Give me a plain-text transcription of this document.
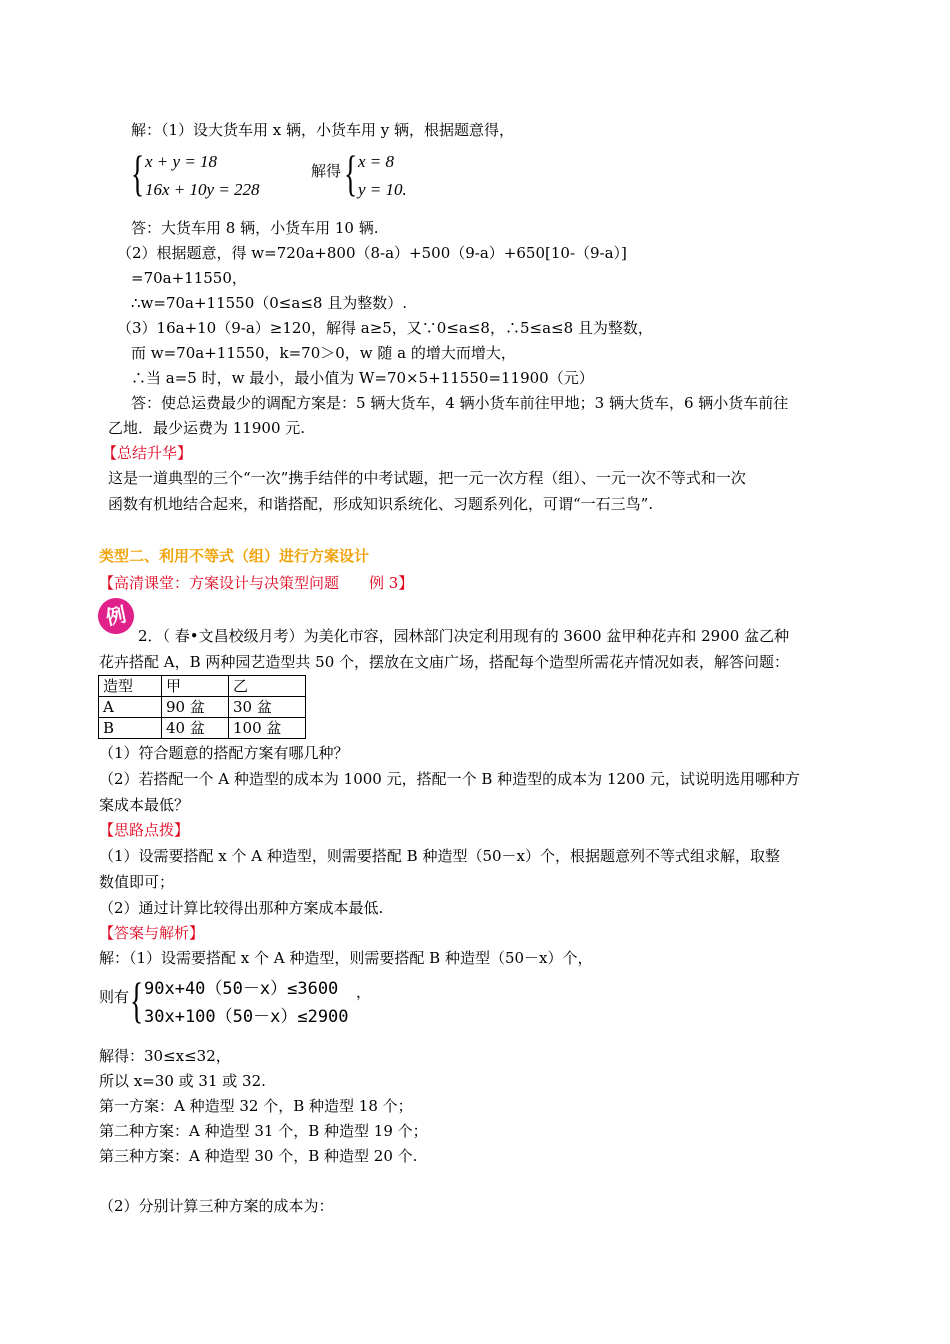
解：（1）设大货车用 x 辆，小货车用 y 辆，根据题意得，
{ x + y = 18
16x + 10y = 228
解得 { x = 8
y = 10.
答：大货车用 8 辆，小货车用 10 辆.
（2）根据题意，得 w=720a+800（8-a）+500（9-a）+650[10-（9-a）]
=70a+11550，
∴w=70a+11550（0≤a≤8 且为整数）.
（3）16a+10（9-a）≥120，解得 a≥5，又∵0≤a≤8，∴5≤a≤8 且为整数，
而 w=70a+11550，k=70＞0，w 随 a 的增大而增大，
∴当 a=5 时，w 最小，最小值为 W=70×5+11550=11900（元）
答：使总运费最少的调配方案是：5 辆大货车，4 辆小货车前往甲地；3 辆大货车，6 辆小货车前往
乙地．最少运费为 11900 元.
【总结升华】
这是一道典型的三个“一次”携手结伴的中考试题，把一元一次方程（组）、一元一次不等式和一次
函数有机地结合起来，和谐搭配，形成知识系统化、习题系列化，可谓“一石三鸟”.
类型二、利用不等式（组）进行方案设计
【高清课堂：方案设计与决策型问题　　例 3】
例
2．（ 春•文昌校级月考）为美化市容，园林部门决定利用现有的 3600 盆甲种花卉和 2900 盆乙种
花卉搭配 A，B 两种园艺造型共 50 个，摆放在文庙广场，搭配每个造型所需花卉情况如表，解答问题：
造型	甲	乙
A	90 盆	30 盆
B	40 盆	100 盆
（1）符合题意的搭配方案有哪几种？
（2）若搭配一个 A 种造型的成本为 1000 元，搭配一个 B 种造型的成本为 1200 元，试说明选用哪种方
案成本最低？
【思路点拨】
（1）设需要搭配 x 个 A 种造型，则需要搭配 B 种造型（50－x）个，根据题意列不等式组求解，取整
数值即可；
（2）通过计算比较得出那种方案成本最低.
【答案与解析】
解：（1）设需要搭配 x 个 A 种造型，则需要搭配 B 种造型（50－x）个，
则有 { 90x+40（50－x）≤3600 ，
30x+100（50－x）≤2900
解得：30≤x≤32，
所以 x=30 或 31 或 32.
第一方案：A 种造型 32 个，B 种造型 18 个；
第二种方案：A 种造型 31 个，B 种造型 19 个；
第三种方案：A 种造型 30 个，B 种造型 20 个.
（2）分别计算三种方案的成本为：
